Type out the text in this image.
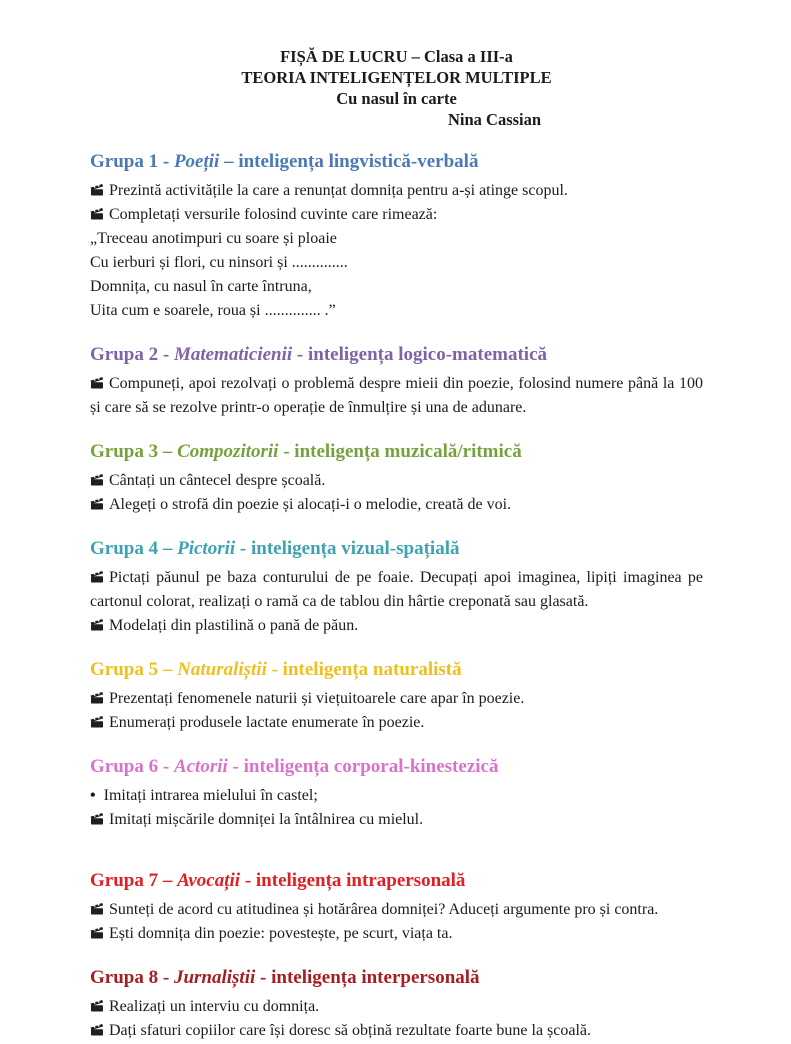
FIȘĂ DE LUCRU – Clasa a III-a

TEORIA INTELIGENȚELOR MULTIPLE

Cu nasul în carte

Nina Cassian

Grupa 1 - Poeții – inteligența lingvistică-verbală

Prezintă activitățile la care a renunțat domnița pentru a-și atinge scopul.

Completați versurile folosind cuvinte care rimează:

„Treceau anotimpuri cu soare și ploaie

Cu ierburi și flori, cu ninsori și ..............

Domnița, cu nasul în carte întruna,

Uita cum e soarele, roua și .............. .”

Grupa 2 - Matematicienii - inteligența logico-matematică

Compuneți, apoi rezolvați o problemă despre mieii din poezie, folosind numere până la 100 și care să se rezolve printr-o operație de înmulțire și una de adunare.

Grupa 3 – Compozitorii - inteligența muzicală/ritmică

Cântați un cântecel despre școală.

Alegeți o strofă din poezie și alocați-i o melodie, creată de voi.

Grupa 4 – Pictorii - inteligența vizual-spațială

Pictați păunul pe baza conturului de pe foaie. Decupați apoi imaginea, lipiți imaginea pe cartonul colorat, realizați o ramă ca de tablou din hârtie creponată sau glasată.

Modelați din plastilină o pană de păun.

Grupa 5 – Naturaliștii - inteligența naturalistă

Prezentați fenomenele naturii și viețuitoarele care apar în poezie.

Enumerați produsele lactate enumerate în poezie.

Grupa 6 - Actorii - inteligența corporal-kinestezică

• Imitați intrarea mielului în castel;

Imitați mișcările domniței la întâlnirea cu mielul.

Grupa 7 – Avocații - inteligența intrapersonală

Sunteți de acord cu atitudinea și hotărârea domniței? Aduceți argumente pro și contra.

Ești domnița din poezie: povestește, pe scurt, viața ta.

Grupa 8 - Jurnaliștii - inteligența interpersonală

Realizați un interviu cu domnița.

Dați sfaturi copiilor care își doresc să obțină rezultate foarte bune la școală.
